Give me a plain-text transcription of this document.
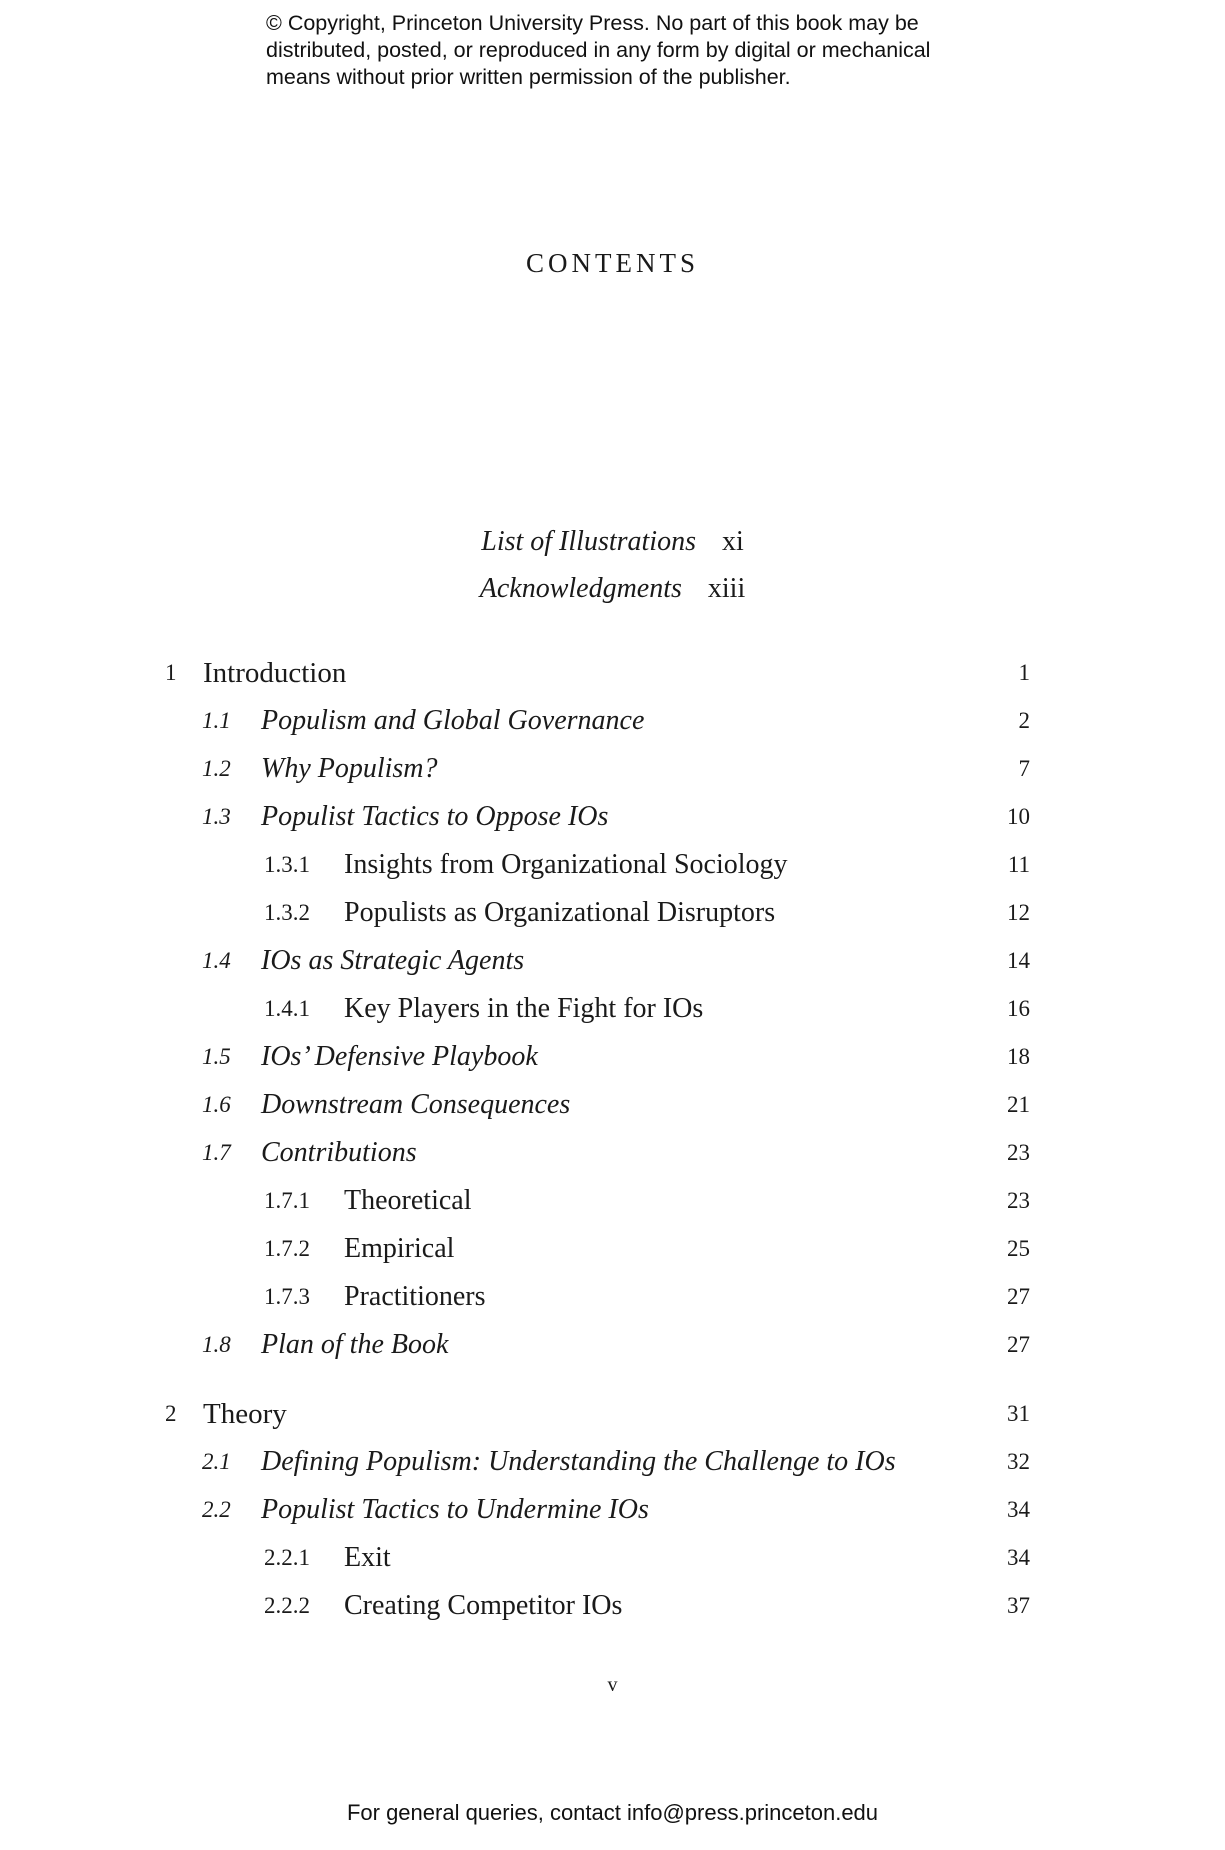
© Copyright, Princeton University Press. No part of this book may be
distributed, posted, or reproduced in any form by digital or mechanical
means without prior written permission of the publisher.
CONTENTS
List of Illustrations xi
Acknowledgments xiii
1 Introduction	1
1.1 Populism and Global Governance	2
1.2 Why Populism?	7
1.3 Populist Tactics to Oppose IOs	10
1.3.1 Insights from Organizational Sociology	11
1.3.2 Populists as Organizational Disruptors	12
1.4 IOs as Strategic Agents	14
1.4.1 Key Players in the Fight for IOs	16
1.5 IOs’ Defensive Playbook	18
1.6 Downstream Consequences	21
1.7 Contributions	23
1.7.1 Theoretical	23
1.7.2 Empirical	25
1.7.3 Practitioners	27
1.8 Plan of the Book	27
2 Theory	31
2.1 Defining Populism: Understanding the Challenge to IOs	32
2.2 Populist Tactics to Undermine IOs	34
2.2.1 Exit	34
2.2.2 Creating Competitor IOs	37
v
For general queries, contact info@press.princeton.edu
